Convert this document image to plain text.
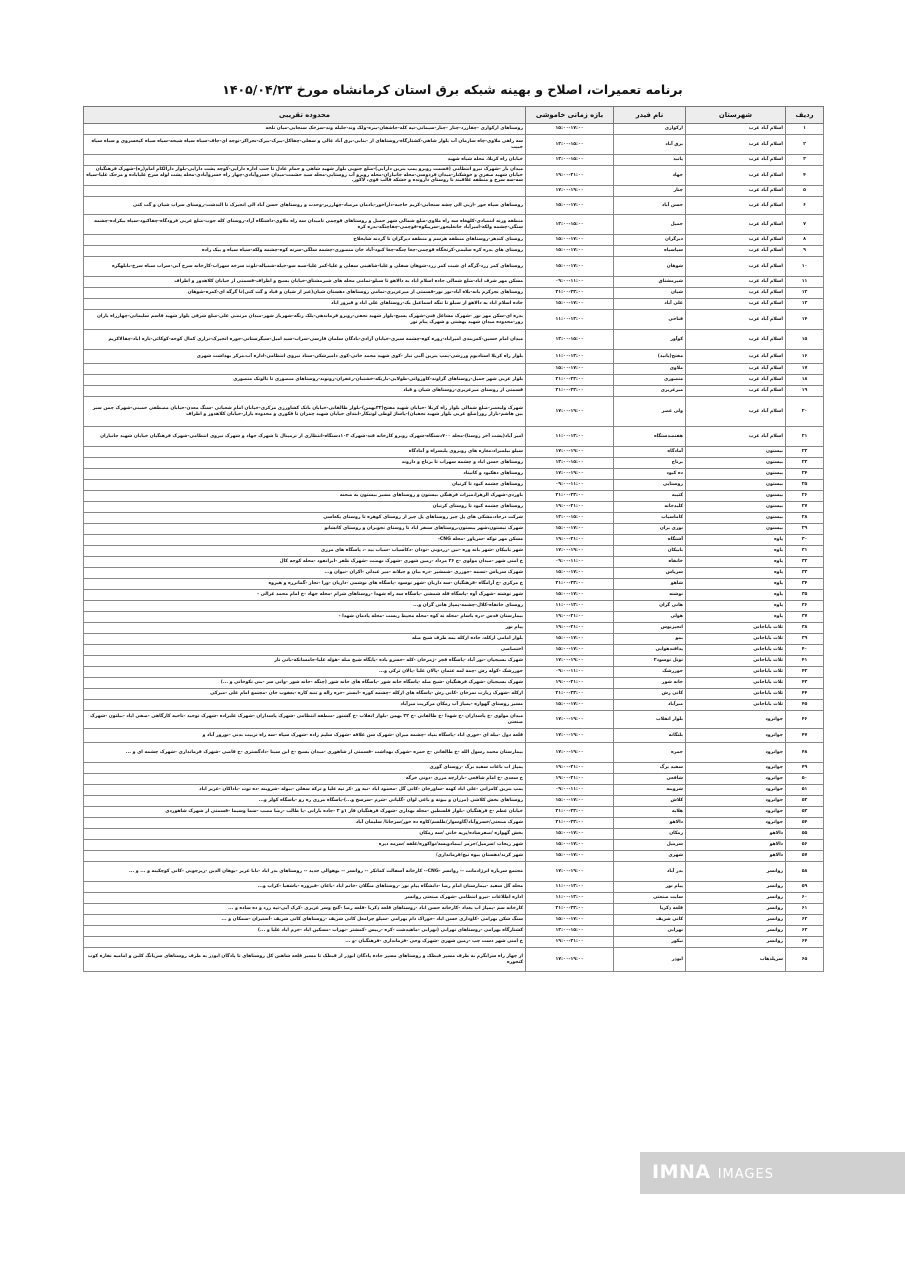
برنامه تعمیرات، اصلاح و بهینه شبکه برق استان کرمانشاه مورخ ۱۴۰۵/۰۴/۲۳
ردیف	شهرستان	نام فیدر	بازه زمانی خاموشی	محدوده تقریبی
۱	اسلام آباد غرب	ارکوازی	۱۵:۰۰-۱۷:۰۰	روستاهای ارکوازی -چقازرد-چنار -چنار-سیمانی-تپه کله-جاشقان-بیزه-ولک وند-جلیله وند-سرخک سنجابی-میان تلخه
۲	اسلام آباد غرب	برق آباد	۱۳:۰۰-۱۵:۰۰	سه راهی ملاوی-چاه سازمان آب بلوار شاهی-کشتارگاه-روستاهای از -بنابی-برق آباد عالی و سفلی-چقاکل-بیرک-بیرک-نجراکر-نوجه ای-جاف-سیاه سیاه شیخه-سیاه سیاه کیخسروی و سیاه سیاه حبیب
۳	اسلام آباد غرب	پانید	۱۳:۰۰-۱۵:۰۰	خیابان راه کربلا، محله شیاه شهید
۴	اسلام آباد غرب	جهاد	۱۹:۰۰-۲۱:۰۰	میدان بار -شهرک نیرو انتظامی (قسمت روبرو پمپ بنزین دارابی)-ضلع جنوبی بلوار شهید شاهی و حمام عادل تا جنب اداره دارایی-کوچه پشت دارایی-بلوار دارالکام امام(ره)-شهرک فرهنگیان خیابان شهید صفری و خوشکنار-میدان فردوسی-محله جانبازان-محله روبرو آب روستایی-محله سید حشمت-میدان خسروآبادی-چهار راه خسروآبادی-محله پشت لوله سرخ علیاباده و مرحک علیا-سیاه سه-سه سرخ و منطقه علاقبند تا روستای دارونده و خشکه قالب قوی، لاکور.
۵	اسلام آباد غرب	چنار	۱۷:۰۰-۱۹:۰۰	
۶	اسلام آباد غرب	حسن آباد	۱۵:۰۰-۱۷:۰۰	روستاهای سیاه خور -ازبی الی چشه سنجابی-کریم حاجیه-داراخور-بادمان مرصاد-چهارزیر-وحدت و روستاهای حسن آباد الی انجیرک تا الندشت-روستای سراب شیان و گت کتی
۷	اسلام آباد غرب	حمیل	۱۳:۰۰-۱۵:۰۰	منطقه وزنه انتصادی-کلهغاه سه راه ملاوی-ضلع شمالی شهر حمیل و روستاهای قوچمی تامیدان سه راه ملاوی-داشتگاه آزاد-روستای کله جوب-ضلع غربی فرودگاه-چقاکبود-سیاه بیکراده-چشمه سنگی-چشمه ولکه-امیرآباد خانعلیجور-سرپیکوه-قوچمی-چقاچنگه-بدره کره
۸	اسلام آباد غرب	دیزگران	۱۵:۰۰-۱۷:۰۰	روستای کندهر-روستاهای منطقه هرسم و منطقه دیزگران تا گردنه شایخلاح
۹	اسلام آباد غرب	سیاسیاه	۱۵:۰۰-۱۷:۰۰	روستای های بدره کره سلیمی-کرتخگاه قوچمی-چغا چنگه-چغا کبود-آباد خان منصوری-چشمه سلگی-سرنه کوه-چشمه ولکه-سیاه سیاه و بیک زاده
۱۰	اسلام آباد غرب	شوهان	۱۵:۰۰-۱۷:۰۰	روستاهای کمر زرد-گرگه ای شبت کمر زرد-شوهان سفلی و علیا-شاهینی سفلی و علیا-کمر علیا-سبه سو-خیله-شمیاله-نلوت سرخه سهراب-کارخانه سرخ آبی-سراب سیاه سرخ-بابلهگره
۱۱	اسلام آباد غرب	شیرمشتاق	۰۹:۰۰-۱۱:۰۰	مسکن مهر شرف اباد-ضلع شمالی جاده اسلام اباد به دالاهو تا سبلو-تمامی محله های شیرمشتاق-خیابان بسیج و اطراف-قسمتی از خیابان کلاهدوز و اطراف
۱۲	اسلام آباد غرب	شیان	۲۱:۰۰-۲۳:۰۰	روستاهای نجرکرم بانه-بلاه آباد-نور نور-قسمتی از میرعزیزی-تمامی روستاهای دهستان شیان(غیر از شیان و قباد و گت کتی)تا گرگه ای-کمره-شوهان
۱۳	اسلام آباد غرب	علی آباد	۱۵:۰۰-۱۷:۰۰	جاده اسلام اباد به دالاهو از سبلو تا تنگه اسماعیل بک-روستاهای علی اباد و فیروز اباد
۱۴	اسلام آباد غرب	فتاحی	۱۱:۰۰-۱۳:۰۰	بدره ای-سکن مهر نور -شهرک مشاغل فنی-شهرک بسیج-بلوار شهید نجفی-روبرو فرماندهی-بلک زنگه-شهرباز شهر-میدان مرتضی علی-ضلع شرقی بلوار شهید قاسم سلیمانی-چهارراه باران زور-محدوده میدان شهید بهشتی و شهرک پیام نور
۱۵	اسلام آباد غرب	کوآور	۱۳:۰۰-۱۵:۰۰	میدان امام حسین-کمربندی امیراباد-زوره کوه-چشمه سیری-خیابان آزادی-بادگان سلمان فارسی-سراب-سید امیل-سیگرستانی-جوره انجیرک-نزاری کمال کوخه-کوکائی-تازه اباد-چقالاکریم
۱۶	اسلام آباد غرب	مفتح(پانید)	۱۱:۰۰-۱۳:۰۰	بلوار راه کربلا استادیوم ورزشی-پمپ بنزین آلبی نیاز -کوی شهید محمد خانی-کوی دامپزشکی-ستاد نیروی انتظامی-اداره آب،مرکز بهداشت شهری
۱۷	اسلام آباد غرب	ملاوی	۱۵:۰۰-۱۷:۰۰	
۱۸	اسلام آباد غرب	منصوری	۲۱:۰۰-۲۳:۰۰	بلوار غربی شهر حمیل-روستاهای گراوند-کاوروانی-طولابی-باریکه-خشتبان-زعفران-رونوند-روستاهای منصوری تا تالوتک منصوری
۱۹	اسلام آباد غرب	میرعزیزی	۲۱:۰۰-۲۳:۰۰	قسمتی از روستای میرعزیزی-روستاهای شیان و قباد
۲۰	اسلام آباد غرب	ولی عصر	۱۷:۰۰-۱۹:۰۰	شهرک ولیعصر-ضلع شمالی بلوار راه کربلا -خیابان شهید مفتح(۳۲بهمن)-بلوار طالقانی-خیابان بانک کشاورزی مرکزی-خیابان امام شعبانی -سنگ معدن-خیابان مصطفی خمینی-شهرک چمن سبز بین هاشم-بازار روز(ضلع غربی بلوار شهید نجفیان)-پاساژ لوطی لوتیکار-ابتدای خیابان شهید چمران تا فکوری و محدوده بازار-خیابان کلاهدوز و اطراف
۲۱	اسلام آباد غرب	هفتصدستگاه	۱۱:۰۰-۱۳:۰۰	امیر آباد(پشت آخر روستا)-محله ۷۰۰دستگاه-شهرک روبرو کارخانه قند-شهرک ۱۰۳دستگاه-انتظاری از ترمینال تا شهرک جهاد و شهرک نیروی انتظامی-شهرک فرهنگیان خیابان شهید جانبازان
۲۲	بیستون	آمادگاه	۱۷:۰۰-۱۹:۰۰	سیلو بیلمبراد،مغازه های روبروی پلیسراه و آمادگاه
۲۳	بیستون	برناج	۱۳:۰۰-۱۵:۰۰	روستاهای حسن اباد و چشمه سهراب تا برناج و داروند
۲۴	بیستون	ده کبود	۱۷:۰۰-۱۹:۰۰	روستاهای دهکبود و کانیناد
۲۵	بیستون	روستایی	۰۹:۰۰-۱۱:۰۰	روستاهای چشمه کبود تا کرنیان
۲۶	بیستون	کتیبه	۲۱:۰۰-۲۳:۰۰	باوردی-شهرک الزهرا،میراث فرهنگی بیستون و روستاهای مسیر بیستون به صحنه
۲۷	بیستون	کلیدخانه	۱۹:۰۰-۲۱:۰۰	روستاهای چشمه کبود تا روستای کرنیان
۲۸	بیستون	کاماسیاب	۱۳:۰۰-۱۵:۰۰	شرکت درجاد،مشکی های پل چیر روستاهای پل چیر از روستای کوهره تا روستای یکعاسی
۲۹	بیستون	نوزی بران	۱۵:۰۰-۱۷:۰۰	شهرک نیستون،شهر بیستون،روستاهای سنقر اباد تا روستای نجوبران و روستای کانشانو
۳۰	پاوه	آشتگاه	۱۹:۰۰-۲۱:۰۰	مسکن مهر توکه -سرپاور -محله CNG-
۳۱	پاوه	بابیکان	۱۷:۰۰-۱۹:۰۰	شهر بابیکان -شهر بانه وره -نین -زردوبی -نودان -دکاسیاب -سیاب بید -، پاسگاه های مرزی
۳۲	پاوه	خانقاه	۰۹:۰۰-۱۱:۰۰	خ امنی شهر -میدان مولوی -خ ۲۶ مرداد -زمین شهری -شهرک نهضت -شهرک ظفر -ابرانفود -محله کوجه کال
۳۳	پاوه	سرپاس	۱۵:۰۰-۱۷:۰۰	شهرک سرپاس -تسمه -جوزری -شمشیر -دره بیان و جیلانه -میر عبدلی -اکران -نیوان و...
۳۴	پاوه	شاهو	۲۱:۰۰-۲۳:۰۰	خ مرکزی -خ آرامگاه -فرهنگیان -سه داریان -شهر نوسود -پاسگاه های نوشمی -داریان -ورا -نجاز -گمانزره و هیروه
۳۵	پاوه	نوشته	۱۵:۰۰-۱۷:۰۰	شهر نوشته -شهرک آوه -پاسگاه قله شمشی -پاسگاه سه راه شهدا -روستاهای شرام -محله جهاد -خ امام محمد غزالی -
۳۶	پاوه	هانی گران	۱۱:۰۰-۱۳:۰۰	روستای خانقاه-کلال-چشمه-پمپاژ هانی گران و...
۳۷	پاوه	هولی	۱۹:۰۰-۲۱:۰۰	بیمارستان قدس -دره باسام -محله نه کوه -محله محیط زیست -محله پادمان شهدا -
۳۸	ثلاث باباجانی	انجیرنوس	۱۹:۰۰-۲۱:۰۰	پیام نور
۳۹	ثلاث باباجانی	بمو	۱۵:۰۰-۱۷:۰۰	بلوار امامی ازکله، جاده ازکله بمه طرف شیخ صله
۴۰	ثلاث باباجانی	پدافندهوایی	۱۵:۰۰-۱۷:۰۰	اختصاصی
۴۱	ثلاث باباجانی	تونل نوسود۲	۱۷:۰۰-۱۹:۰۰	شهرک بسیجیان -نور آباد -پاسگاه فجر -ژمرخان -کله -خسرو باده -پایگاه شیخ صله -هوله علیا-جامسانکه-بانی تاز
۴۲	ثلاث باباجانی	جوزرشک	۰۹:۰۰-۱۱:۰۰	جوزرشک -کوله رش -چمه لمه عثمان -پالان علیا -پالان ترکی و...
۴۳	ثلاث باباجانی	خانه شور	۱۹:۰۰-۲۱:۰۰	شهرک بسیجیان -شهرک فرهنگیان -شیخ صله -پاسگاه خانه شور -پاسگاه های خانه شور (چنگه -خانه شور -وانی سر -بنی نکوخانی و ...)
۴۴	ثلاث باباجانی	کانی رش	۲۱:۰۰-۲۳:۰۰	ازکله -شهرک زیارت نمرخان -کانی رش -پاسگاه های ازکله -چشمه کوره -ابستر -خره زاله و تنبه کاره -یعقوب خان -مجتمع امام علی -میرکی
۴۵	ثلاث باباجانی	میرآباد	۱۵:۰۰-۱۷:۰۰	مسیر روستای گهواره -پمپاژ آب زمکان مرکزیت میرآباد
۴۶	جوانرود	بلوار انقلاب	۱۷:۰۰-۱۹:۰۰	میدان مولوی -خ پاسداران -خ شهدا -خ طالقانی -خ ۲۲ بهمن -بلوار انقلاب -خ گشتور -منطقه انتظامی -شهرک پاسداران -شهرک علیزاده -شهرک توحید -ناحیه کارگاهی -صفی اباد -بیلتون -شهرک صنعتی
۴۷	جوانرود	بلنگانه	۱۷:۰۰-۱۹:۰۰	قلعه دول -بیله ای -خوری اباد -پاسگاه بنیاد -چشمه میران -شهرک سن علافه -شهرک سلیم زاده -شهرک سپاه -سه راه تربیت بدنی -نوروز آباد و
۴۸	جوانرود	حمزه	۱۷:۰۰-۱۹:۰۰	بیمارستان محمد رسول الله -خ طالقانی -خ حمزه -شهرک بهداشت -قسمتی از شاهوری -میدان بسیج -خ ابن سینا -دادگستری -خ قاضی -شهرک فرمانداری -شهرک چشمه ای و ...
۴۹	جوانرود	سفید برگ	۱۹:۰۰-۲۱:۰۰	پمپاژ اب باغات سفید برگ -روستای گوری
۵۰	جوانرود	شافعی	۱۹:۰۰-۲۱:۰۰	خ سعدی -خ امام شافعی -بازارچه مرزی -دونی خرگه
۵۱	جوانرود	شروینه	۰۹:۰۰-۱۱:۰۰	پمپ بنزین کامرانی -علی اباد کهنه -ساورخان -کانی گل -محمود اباد -نیه ور -کر تپه علیا و ترکه سفلی -بیوله -شروینه -ده توت -باداکان -عزیز اباد
۵۲	جوانرود	کلاش	۱۵:۰۰-۱۷:۰۰	روستاهای بخش کلاشی (مرزان و بیونه و باغی لوان -گلپانی -شرم -سرسخ و...)-پاسگاه مرزی ره رو -پاسگاه کولر و...
۵۳	جوانرود	هلایه	۲۱:۰۰-۲۳:۰۰	خیابان عظم -خ فرهنگیان -بلوار فلسطین -محله بهداری -شهرک فرهنگیان فاز ۱و ۲ -جاده بارانی -پا طالب -رضا مصب -سما وسیما -قسمتی از شهرک شاهوردی
۵۴	جوانرود	دالاهو	۲۱:۰۰-۲۳:۰۰	شهرک صنعتی/خسروآباد/گاوسوار/طلسم/کاوه ده خور/سرجانا/ سلیمان آباد
۵۵	دالاهو	زمکان	۱۵:۰۰-۱۷:۰۰	بخش گهواره /صفرساده/پرپه خانی /سه زمکان
۵۶	دالاهو	سرمیل	۱۵:۰۰-۱۷:۰۰	شهر ریجاب /سرمیل/جرمر /ببمادویسه/نواکوره/علقه /سرمه دیزه
۵۷	دالاهو	شهری	۱۵:۰۰-۱۷:۰۰	شهر کرند/دهستان بیوه نیچ/فرمانداری/
۵۸	روانسر	بدر آباد	۱۷:۰۰-۱۹:۰۰	مجتمع سرباره انرژادمانت -- روانسر -CNG-- کارخانه آسفالت کمانکر -- روانسر -- بوهوالی جدید -- روستاهای بدر اباد -بابا عزیز -بوهان الدین -زیرجوبی -کانی کوچکینه و ... و ...
۵۹	روانسر	پیام نور	۱۱:۰۰-۱۳:۰۰	محله گل سفید -بیمارستان امام رضا -دانشگاه پیام نور -روستاهای منگلان -خانم اباد -باغان -فیروزه -باشقیا -کراب و...
۶۰	روانسر	سایت صنعتی	۱۱:۰۰-۱۳:۰۰	اداره اطلاعات -نیرو انتظامی -شهرک صنعتی روانسر
۶۱	روانسر	قلعه ذکریا	۲۱:۰۰-۲۳:۰۰	کارخانه سم -پمپاژ اب بغداد -کارخانه حسن اباد -روستاهای قلعه ذکریا -قلعه رضا -گنج وسر عزیزی -کرک آبی-تپه زرد و ده ساده و ...
۶۲	روانسر	کانی شریف	۱۵:۰۰-۱۷:۰۰	سنگ شکن بهرامی -کاوداری حسن اباد -خوراک دام بهرامی -سیلو چرامعل کانی شریف -روستاهای کانی شریف -آستیران -سمکان و ...
۶۳	روانسر	نهرابی	۱۳:۰۰-۱۵:۰۰	کشتارگاه بهرامی -روستاهای نهرابی (نهرابی -ماهیدشت -کره -ربیس -کمشتر -نهراب -مسکین اباد -خرم اباد علیا و ...)
۶۴	روانسر	نیکور	۱۹:۰۰-۲۱:۰۰	خ امنی شهر دست چپ -زمین شهری -شهرک وحی -فرمانداری -فرهنگیان -و ...
۶۵	سرپلذهاب	ابوذر	۱۷:۰۰-۱۹:۰۰	از چهار راه سرابگرم به طرف مسیر قبطک و روستاهای مسیر جاده پادگان ابوذر از قبطک تا مسیر قلعه شاهین کل روستاهای تا پادگان ابوذر به طرف روستاهای سرپانگ کلین و امامیه نقاره کوب کنجوره
IMNA IMAGES
